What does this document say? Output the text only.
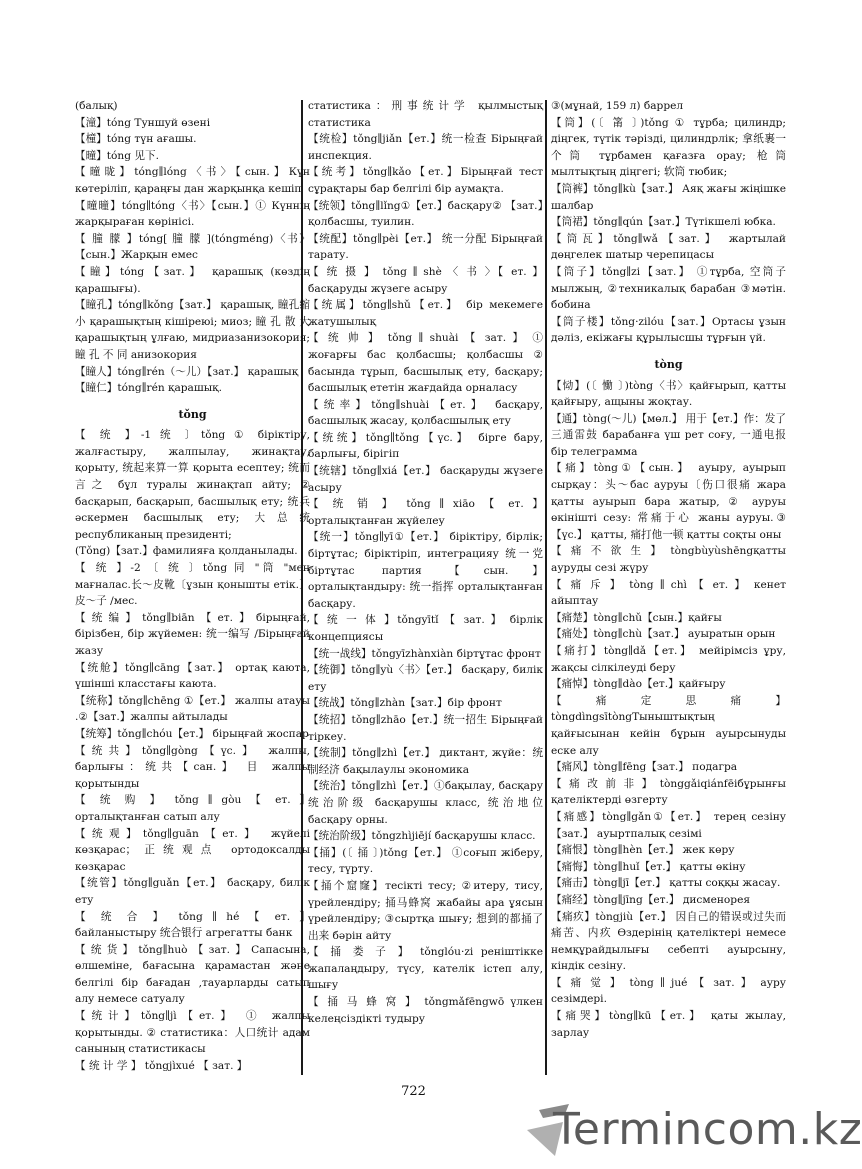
(балық)

【潼】tóng Туншуй өзені

【橦】tóng түн ағашы.

【曈】tóng 见下.

【曈昽】tóng∥lóng〈书〉【сын.】Күн көтеріліп, қараңғы дан жарқынқа кешіп

【曈曈】tóng∥tóng〈书〉【сын.】① Күннің жарқыраған көрінісі.

【 朣 朦 】tóng[ 朣 朦 ](tóngméng)〈书〉【сын.】Жарқын емес

【瞳】tóng【зат.】 қарашық (көздің қарашығы).

【瞳孔】tóng∥kǒng【зат.】 қарашық, 瞳孔缩小 қарашықтың кішіреюі; миоз; 瞳 孔 散 大 қарашықтың ұлғаю, мидриазанизокория; 瞳 孔 不 同 анизокория

【瞳人】tóng∥rén（～儿）【зат.】 қарашық

【瞳仁】tóng∥rén қарашық.

tǒng

【 统 】-1 统 〕tǒng ① біріктіру, жалғастыру, жалпылау, жинақтау, қорыту, 统起来算一算 қорыта есептеу; 统而言之 бұл туралы жинақтап айту; ② басқарып, басқарып, басшылық ету; 统兵 әскермен басшылық ету; 大总统 республиканың президенті;

(Tǒng)【зат.】фамилияға қолданылады.

【 统 】-2 〔 统 〕tǒng 同 "筒 "мен мағналас.长～皮靴〔ұзын қонышты етік.〕皮～子 /мес.

【统编】tǒng∥biān【ет.】бірыңғай, бірізбен, бір жүйемен: 统一编写 /Бірыңғай жазу

【统舱】tǒng∥cāng【зат.】 ортақ каюта, үшінші класстағы каюта.

【统称】tǒng∥chēng ①【ет.】 жалпы атауы .②【зат.】жалпы айтылады

【统筹】tǒng∥chóu【ет.】 бірыңғай жоспар

【统共】tǒng∥gòng【үс.】 жалпы, барлығы：统共【сан.】 目 жалпы қорытынды

【 统 购 】 tǒng ∥ gòu 【 ет. 】 орталықтанған сатып алу

【统观】tǒng∥guān【ет.】 жүйелі көзқарас；正统观点 ортодоксалды көзқарас

【统管】tǒng∥guǎn【ет.】 басқару, билік ету

【 统 合 】 tǒng ∥ hé 【 ет. 】 байланыстыру 统合银行 агрегатты банк

【统货】tǒng∥huò【зат.】Сапасына, өлшеміне, бағасына қарамастан және белгілі бір бағадан ,тауарларды сатып алу немесе сатуалу

【统计】tǒng∥jì【ет.】 ① жалпы қорытынды. ② статистика：人口统计 адам санының статистикасы

【 统 计 学 】 tǒngjìxué 【 зат. 】

статистика：刑事统计学 қылмыстық статистика

【统检】tǒng∥jiǎn【ет.】统一检查 Бірыңғай инспекция.

【统考】tǒng∥kǎo【ет.】Бірыңғай тест сұрақтары бар белгілі бір аумақта.

【统领】tǒng∥lǐng①【ет.】басқару② 【зат.】қолбасшы, туилин.

【统配】tǒng∥pèi【ет.】 统一分配 Бірыңғай тарату.

【 统 摄 】 tǒng ∥ shè 〈 书 〉【 ет. 】 басқаруды жүзеге асыру

【统属】tǒng∥shǔ【ет.】 бір мекемеге жатушылық

【 统 帅 】 tǒng ∥ shuài 【 зат. 】 ① жоғарғы бас қолбасшы; қолбасшы ② басында тұрып, басшылық ету, басқару; басшылық ететін жағдайда орналасу

【统率】tǒng∥shuài【ет.】 басқару, басшылық жасау, қолбасшылық ету

【统统】tǒng∥tǒng【үс.】 бірге бару, барлығы, бірігіп

【统辖】tǒng∥xiá【ет.】 басқаруды жүзеге асыру

【 统 销 】 tǒng ∥ xiāo 【 ет. 】 орталықтанған жүйелеу

【统一】tǒng∥yī①【ет.】 біріктіру, бірлік; біртұтас; біріктіріп, интеграцияу 统一党 біртұтас партия 【сын.】 орталықтандыру: 统一指挥 орталықтанған басқару.

【 统 一 体 】tǒngyītǐ 【 зат. 】 бірлік концепциясы

【统一战线】tǒngyīzhànxiàn біртұтас фронт

【统御】tǒng∥yù〈书〉【ет.】 басқару, билік ету

【统战】tǒng∥zhàn【зат.】бір фронт

【统招】tǒng∥zhāo【ет.】统一招生 Бірыңғай тіркеу.

【统制】tǒng∥zhì【ет.】 диктант, жүйе：统制经济 бақылаулы экономика

【统治】tǒng∥zhì【ет.】①бақылау, басқару 统治阶级 басқарушы класс, 统治地位 басқару орны.

【统治阶级】tǒngzhìjiējí басқарушы класс.

【捅】(〔 捅 〕)tǒng【ет.】 ①соғып жіберу, тесу, түрту.

【捅个窟窿】тесікті тесу; ②итеру, тису, үрейлендіру; 捅马蜂窝 жабайы ара ұясын үрейлендіру; ③сыртқа шығу; 想到的都捅了出来 бәрін айту

【 捅 娄 子 】 tǒnglóu·zi реніштікке жапалаңдыру, түсу, кателік істеп алу, шығу

【 捅 马 蜂 窝 】 tǒngmǎfēngwō үлкен келеңсіздікті тудыру

③(мұнай, 159 л) баррел

【筒】(〔 筩 〕)tǒng ① тұрба; цилиндр; діңгек, түтік тәрізді, цилиндрлік; 拿纸裹一个筒 тұрбамен қағазға орау; 枪筒 мылтықтың діңгегі; 软筒 тюбик;

【筒裤】tǒng∥kù【зат.】 Аяқ жағы жіңішке шалбар

【筒裙】tǒng∥qún【зат.】Түтікшелі юбка.

【筒瓦】tǒng∥wǎ【зат.】 жартылай дөңгелек шатыр черепицасы

【筒子】tǒng∥zi【зат.】 ①тұрба, 空筒子 мылжың, ②техникалық барабан ③мәтін. бобина

【筒子楼】tǒng·zilóu【зат.】Ортасы ұзын дәліз, екіжағы құрылысшы тұрғын үй.

tòng

【恸】(〔 慟 〕)tòng〈书〉қайғырып, қатты қайғыру, ащыны жоқтау.

【通】tòng(～儿)【мөл.】 用于【ет.】作：发了三通雷鼓 барабанға үш рет соғу, 一通电报 бір телеграмма

【痛】tòng①【сын.】 ауыру, ауырып сырқау：头～бас ауруы〔伤口很痛 жара қатты ауырып бара жатыр, ② ауруы өкінішті сезу: 常痛于心 жаны ауруы.③【үс.】 қатты, 痛打他一顿 қатты соқты оны

【 痛 不 欲 生 】 tòngbùyùshēngқатты ауруды сезі жүру

【 痛 斥 】 tòng ∥ chì 【 ет. 】 кенет айыптау

【痛楚】tòng∥chǔ【сын.】қайғы

【痛处】tòng∥chù【зат.】 ауыратын орын

【痛打】tòng∥dǎ【ет.】 мейірімсіз ұру, жақсы сілкілеуді беру

【痛悼】tòng∥dào【ет.】қайғыру

【 痛 定 思 痛 】 tòngdìngsītòngТыныштықтың қайғысынан кейін бұрын ауырсынуды еске алу

【痛风】tòng∥fēng【зат.】 подагра

【痛改前非】tònggǎiqiánfēiбұрынғы қателіктерді өзгерту

【痛感】tòng∥gǎn①【ет.】 терең сезіну【зат.】 ауыртпалық сезімі

【痛恨】tòng∥hèn【ет.】 жек көру

【痛悔】tòng∥huǐ【ет.】 қатты өкіну

【痛击】tòng∥jī【ет.】 қатты соққы жасау.

【痛经】tòng∥jīng【ет.】 дисменорея

【痛疚】tòngjiù【ет.】 因自己的错误或过失而痛苦、内疚 Өздерінің қателіктері немесе немқұрайдылығы себепті ауырсыну, кіндік сезіну.

【 痛 觉 】 tòng ∥ jué 【 зат. 】 ауру сезімдері.

【痛哭】tòng∥kū【ет.】 қаты жылау, зарлау

722
Termincom.kz
